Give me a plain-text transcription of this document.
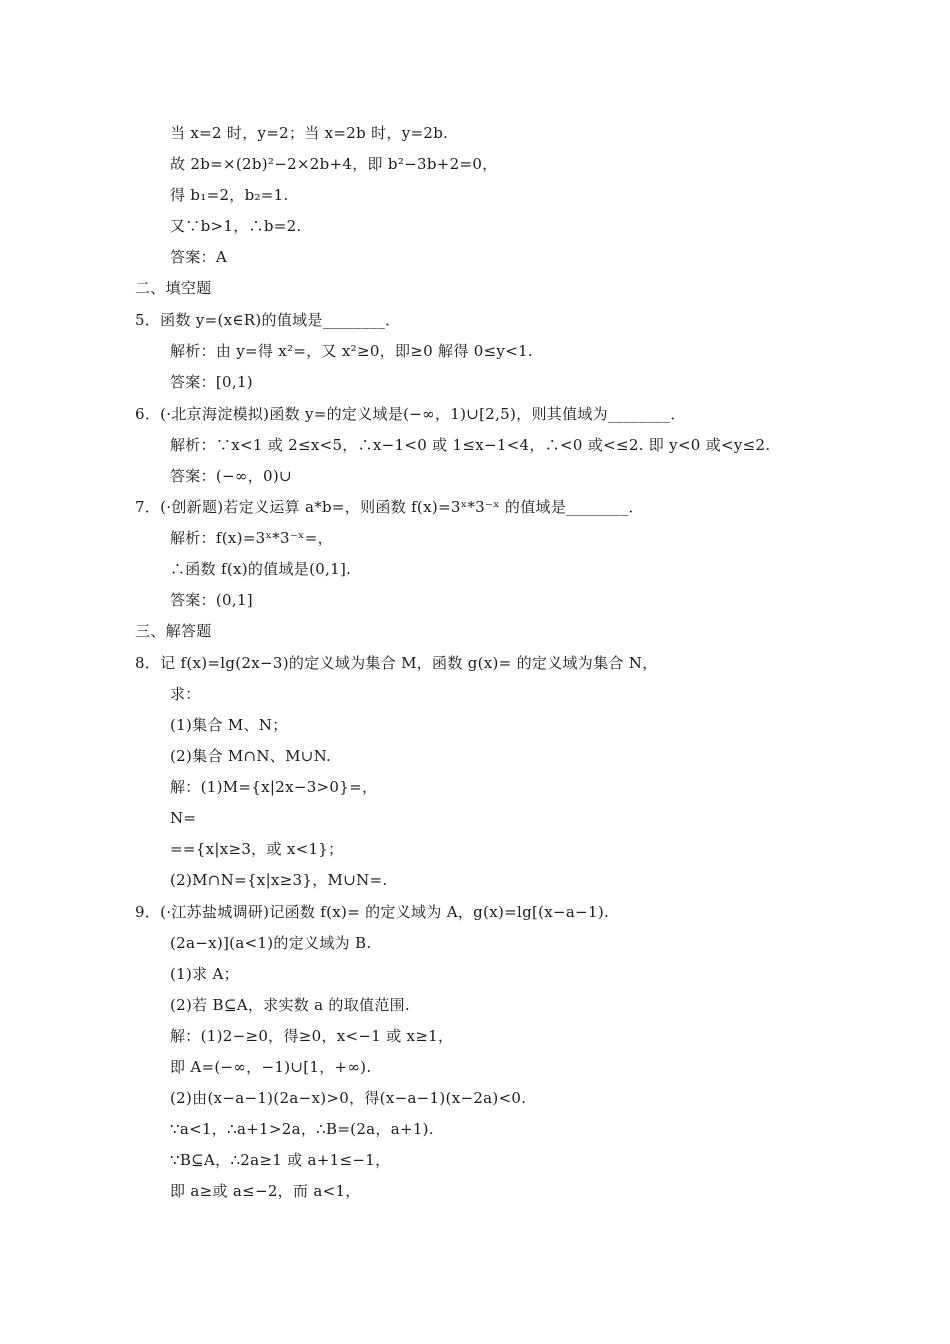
当 x=2 时，y=2；当 x=2b 时，y=2b.
故 2b=×(2b)²−2×2b+4，即 b²−3b+2=0，
得 b₁=2，b₂=1.
又∵b>1，∴b=2.
答案：A
二、填空题
5．函数 y=(x∈R)的值域是________．
解析：由 y=得 x²=，又 x²≥0，即≥0 解得 0≤y<1.
答案：[0,1)
6．(·北京海淀模拟)函数 y=的定义域是(−∞，1)∪[2,5)，则其值域为________．
解析：∵x<1 或 2≤x<5，∴x−1<0 或 1≤x−1<4，∴<0 或<≤2. 即 y<0 或<y≤2.
答案：(−∞，0)∪
7．(·创新题)若定义运算 a*b=，则函数 f(x)=3ˣ*3⁻ˣ 的值域是________．
解析：f(x)=3ˣ*3⁻ˣ=，
∴函数 f(x)的值域是(0,1].
答案：(0,1]
三、解答题
8．记 f(x)=lg(2x−3)的定义域为集合 M，函数 g(x)= 的定义域为集合 N，
求：
(1)集合 M、N；
(2)集合 M∩N、M∪N.
解：(1)M={x|2x−3>0}=，
N=
=={x|x≥3，或 x<1}；
(2)M∩N={x|x≥3}，M∪N=.
9．(·江苏盐城调研)记函数 f(x)= 的定义域为 A，g(x)=lg[(x−a−1).
(2a−x)](a<1)的定义域为 B.
(1)求 A；
(2)若 B⊆A，求实数 a 的取值范围.
解：(1)2−≥0，得≥0，x<−1 或 x≥1，
即 A=(−∞，−1)∪[1，+∞).
(2)由(x−a−1)(2a−x)>0，得(x−a−1)(x−2a)<0.
∵a<1，∴a+1>2a，∴B=(2a，a+1).
∵B⊆A，∴2a≥1 或 a+1≤−1，
即 a≥或 a≤−2，而 a<1，
